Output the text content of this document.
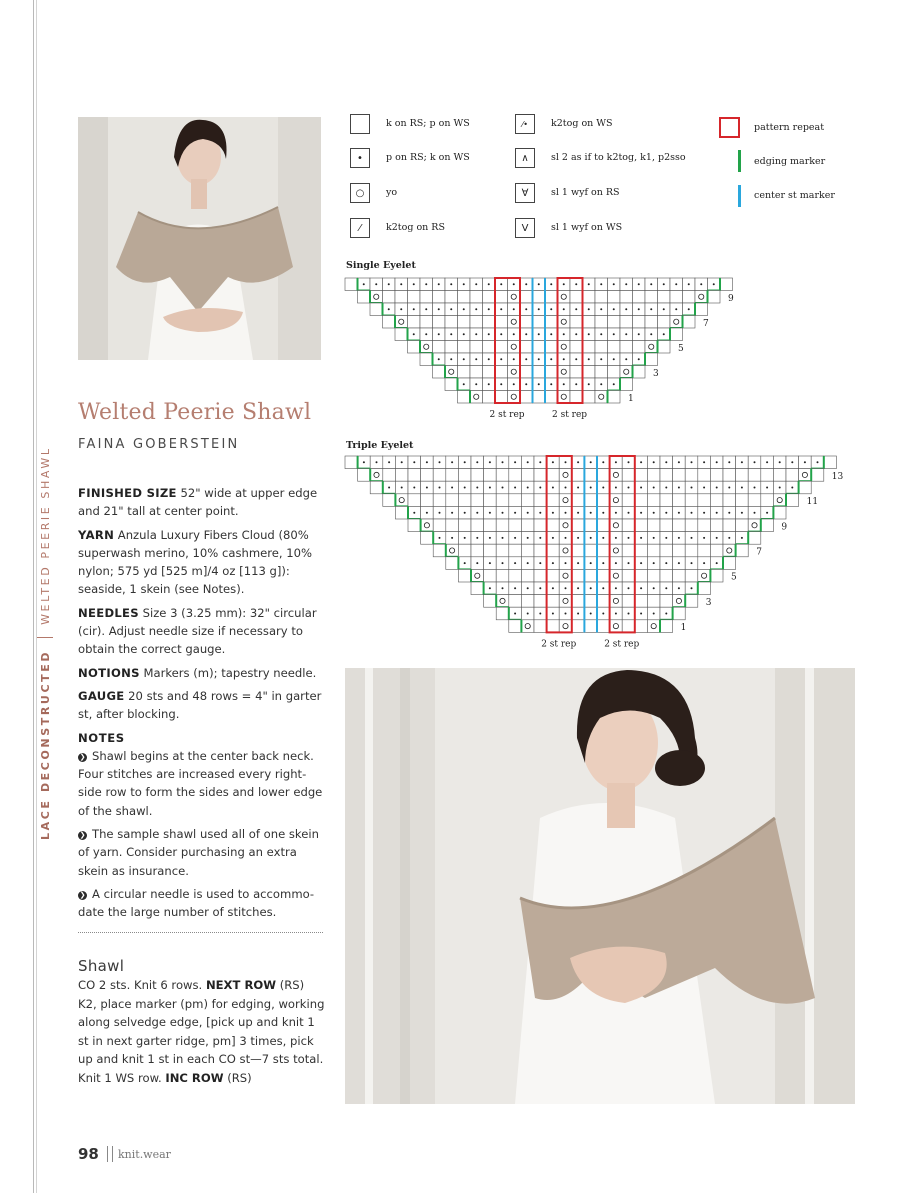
LACE DECONSTRUCTED
WELTED PEERIE SHAWL
Welted Peerie Shawl
FAINA GOBERSTEIN

FINISHED SIZE 52" wide at upper edge and 21" tall at center point.

YARN Anzula Luxury Fibers Cloud (80% superwash merino, 10% cashmere, 10% nylon; 575 yd [525 m]/4 oz [113 g]): seaside, 1 skein (see Notes).

NEEDLES Size 3 (3.25 mm): 32" circular (cir). Adjust needle size if necessary to obtain the correct gauge.

NOTIONS Markers (m); tapestry needle.

GAUGE 20 sts and 48 rows = 4" in garter st, after blocking.

NOTES

❯ Shawl begins at the center back neck. Four stitches are increased every right-side row to form the sides and lower edge of the shawl.

❯ The sample shawl used all of one skein of yarn. Consider purchasing an extra skein as insurance.

❯ A circular needle is used to accommo-date the large number of stitches.

Shawl
CO 2 sts. Knit 6 rows. NEXT ROW (RS) K2, place marker (pm) for edging, working along selvedge edge, [pick up and knit 1 st in next garter ridge, pm] 3 times, pick up and knit 1 st in each CO st—7 sts total. Knit 1 WS row. INC ROW (RS)
k on RS; p on WS
•	p on RS; k on WS
○	yo
⁄	k2tog on RS
⁄•	k2tog on WS
∧	sl 2 as if to k2tog, k1, p2sso
∀	sl 1 wyf on RS
V	sl 1 wyf on WS
pattern repeat
edging marker
center st marker
Single Eyelet
9
7
5
3
1
2 st rep	2 st rep
Triple Eyelet
13
11
9
7
5
3
1
2 st rep	2 st rep
98 knit.wear
